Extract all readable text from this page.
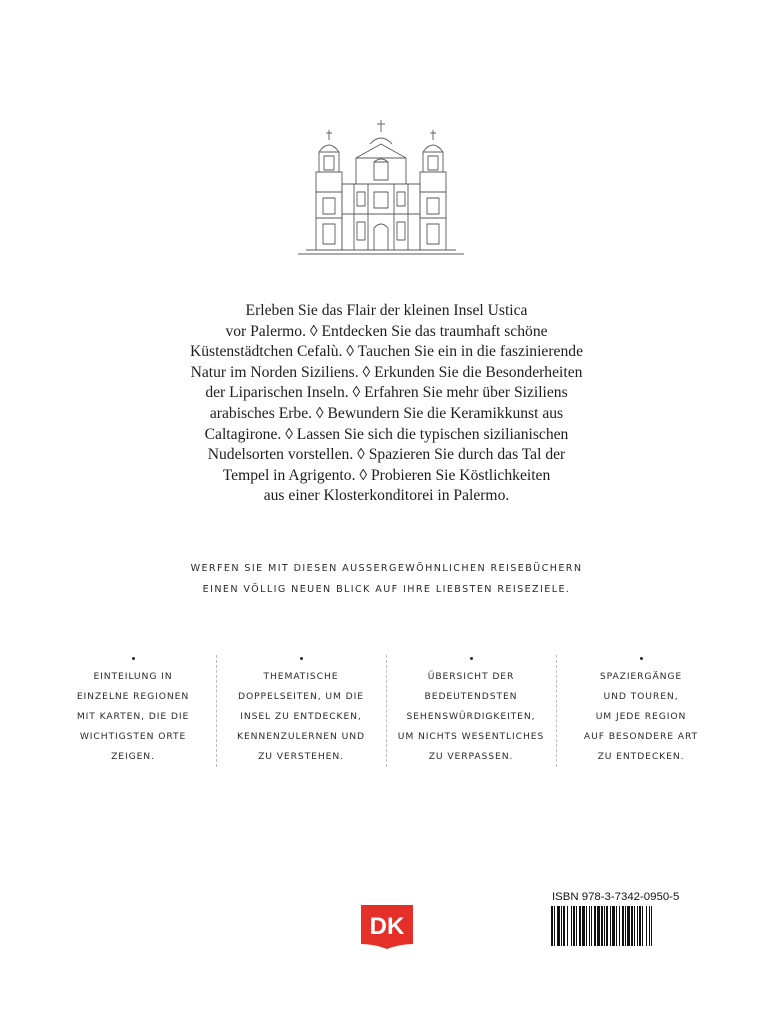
Erleben Sie das Flair der kleinen Insel Ustica
vor Palermo. ◊ Entdecken Sie das traumhaft schöne
Küstenstädtchen Cefalù. ◊ Tauchen Sie ein in die faszinierende
Natur im Norden Siziliens. ◊ Erkunden Sie die Besonderheiten
der Liparischen Inseln. ◊ Erfahren Sie mehr über Siziliens
arabisches Erbe. ◊ Bewundern Sie die Keramikkunst aus
Caltagirone. ◊ Lassen Sie sich die typischen sizilianischen
Nudelsorten vorstellen. ◊ Spazieren Sie durch das Tal der
Tempel in Agrigento. ◊ Probieren Sie Köstlichkeiten
aus einer Klosterkonditorei in Palermo.

WERFEN SIE MIT DIESEN AUSSERGEWÖHNLICHEN REISEBÜCHERN
EINEN VÖLLIG NEUEN BLICK AUF IHRE LIEBSTEN REISEZIELE.
EINTEILUNG IN
EINZELNE REGIONEN
MIT KARTEN, DIE DIE
WICHTIGSTEN ORTE
ZEIGEN.
THEMATISCHE
DOPPELSEITEN, UM DIE
INSEL ZU ENTDECKEN,
KENNENZULERNEN UND
ZU VERSTEHEN.
ÜBERSICHT DER
BEDEUTENDSTEN
SEHENSWÜRDIGKEITEN,
UM NICHTS WESENTLICHES
ZU VERPASSEN.
SPAZIERGÄNGE
UND TOUREN,
UM JEDE REGION
AUF BESONDERE ART
ZU ENTDECKEN.
DK
ISBN 978-3-7342-0950-5
